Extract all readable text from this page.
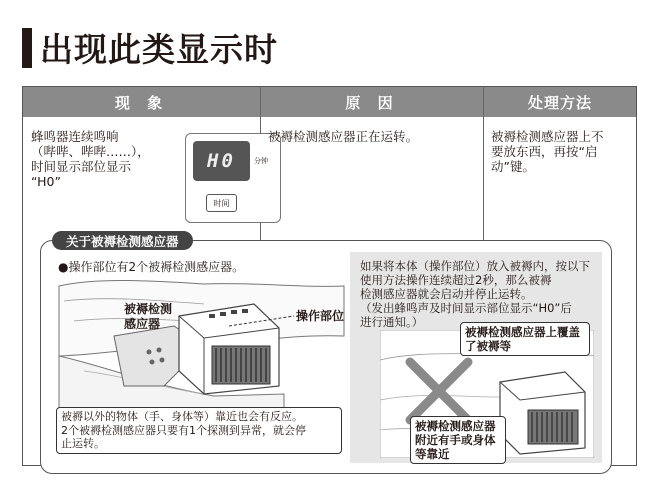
出现此类显示时
现 象	原 因	处理方法
蜂鸣器连续鸣响
（哔哔、哔哔……），
时间显示部位显示
“H0”
H0	分钟
时间
被褥检测感应器正在运转。	被褥检测感应器上不
要放东西，再按“启
动”键。
关于被褥检测感应器
●操作部位有2个被褥检测感应器。
被褥检测
感应器
操作部位
被褥以外的物体（手、身体等）靠近也会有反应。
2个被褥检测感应器只要有1个探测到异常，就会停
止运转。
如果将本体（操作部位）放入被褥内，按以下
使用方法操作连续超过2秒，那么被褥
检测感应器就会启动并停止运转。
（发出蜂鸣声及时间显示部位显示“H0”后
进行通知。）
被褥检测感应器上覆盖
了被褥等
被褥检测感应器
附近有手或身体
等靠近
